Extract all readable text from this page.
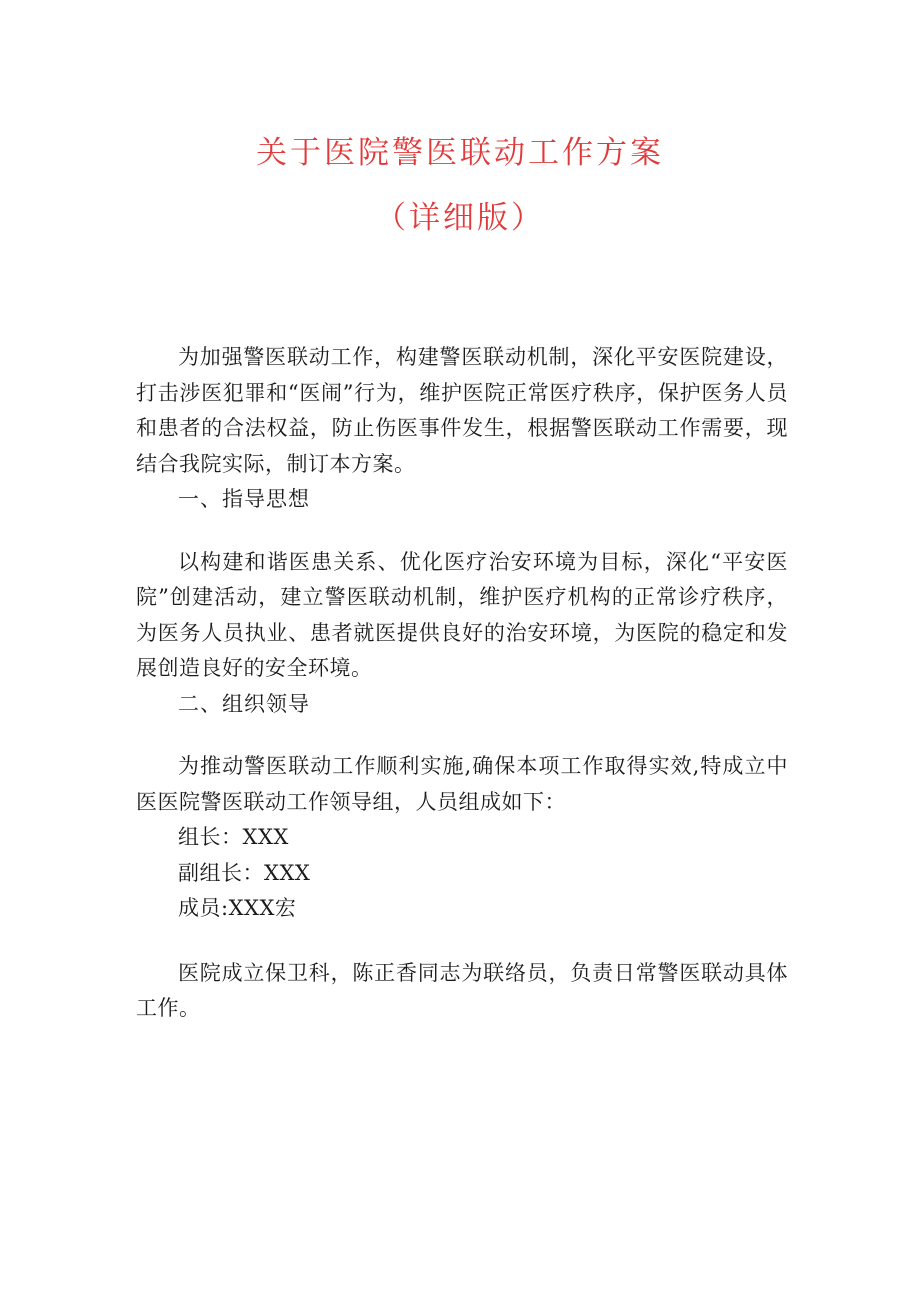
关于医院警医联动工作方案
（详细版）

为加强警医联动工作，构建警医联动机制，深化平安医院建设，打击涉医犯罪和“医闹”行为，维护医院正常医疗秩序，保护医务人员和患者的合法权益，防止伤医事件发生，根据警医联动工作需要，现结合我院实际，制订本方案。

一、指导思想

以构建和谐医患关系、优化医疗治安环境为目标，深化“平安医院”创建活动，建立警医联动机制，维护医疗机构的正常诊疗秩序，为医务人员执业、患者就医提供良好的治安环境，为医院的稳定和发展创造良好的安全环境。

二、组织领导

为推动警医联动工作顺利实施,确保本项工作取得实效,特成立中医医院警医联动工作领导组，人员组成如下：

组长：XXX

副组长：XXX

成员:XXX宏

医院成立保卫科，陈正香同志为联络员，负责日常警医联动具体工作。
